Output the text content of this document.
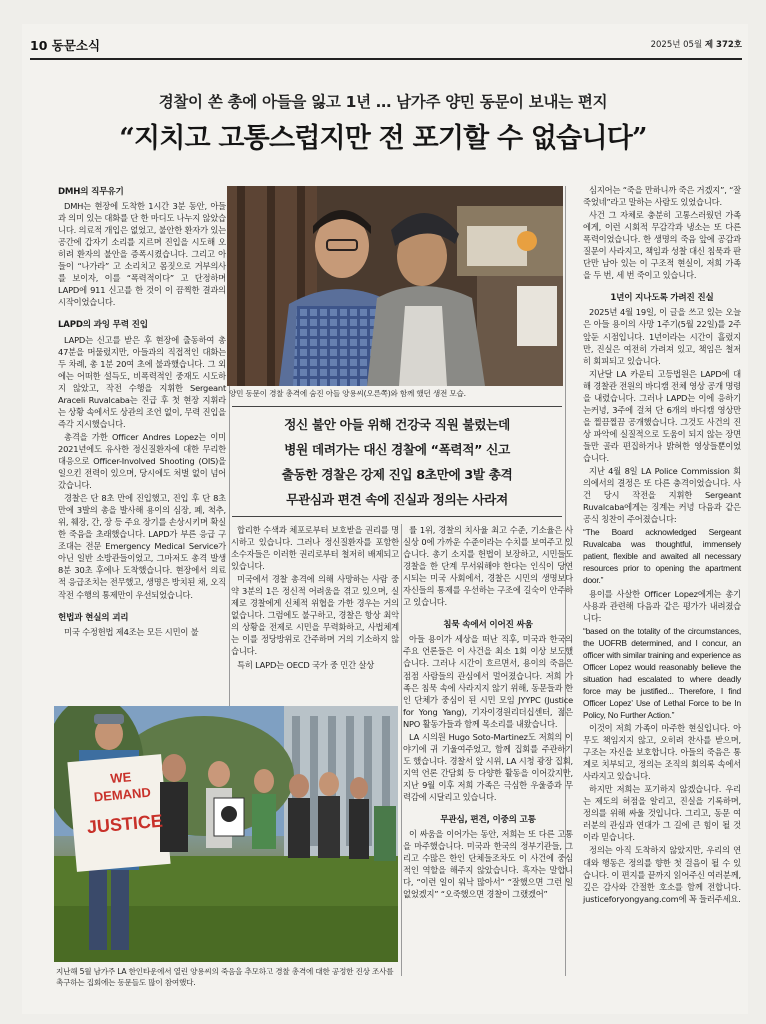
10 동문소식	2025년 05월 제 372호
경찰이 쏜 총에 아들을 잃고 1년 … 남가주 양민 동문이 보내는 편지
“지치고 고통스럽지만 전 포기할 수 없습니다”
DMH의 직무유기

DMH는 현장에 도착한 1시간 3분 동안, 아들과 의미 있는 대화를 단 한 마디도 나누지 않았습니다. 의료적 개입은 없었고, 불안한 환자가 있는 공간에 갑자기 소리를 지르며 진입을 시도해 오히려 환자의 불안을 증폭시켰습니다. 그리고 아들이 “나가라” 고 소리치고 몸짓으로 거부의사를 보이자, 이를 “폭력적이다” 고 단정하며 LAPD에 911 신고를 한 것이 이 끔찍한 결과의 시작이었습니다.

LAPD의 과잉 무력 진입

LAPD는 신고를 받은 후 현장에 출동하여 총 47분을 머물렀지만, 아들과의 직접적인 대화는 두 차례, 총 1분 20여 초에 불과했습니다. 그 외에는 어떠한 설득도, 비폭력적인 중재도 시도하지 않았고, 작전 수행을 지휘한 Sergeant Araceli Ruvalcaba는 진급 후 첫 현장 지휘라는 상황 속에서도 상관의 조언 없이, 무력 진입을 즉각 지시했습니다.

총격을 가한 Officer Andres Lopez는 이미 2021년에도 유사한 정신질환자에 대한 무리한 대응으로 Officer-Involved Shooting (OIS)을 일으킨 전력이 있으며, 당시에도 처벌 없이 넘어갔습니다.

경찰은 단 8초 만에 진입했고, 진입 후 단 8초 만에 3발의 총을 발사해 용이의 심장, 폐, 척추, 위, 췌장, 간, 장 등 주요 장기를 손상시키며 확실한 죽음을 초래했습니다. LAPD가 부른 응급 구조대는 전문 Emergency Medical Service가 아닌 일반 소방관들이었고, 그마저도 총격 발생 8분 30초 후에나 도착했습니다. 현장에서 의료적 응급조치는 전무했고, 생명은 방치된 채, 오직 작전 수행의 통제만이 우선되었습니다.

헌법과 현실의 괴리

미국 수정헌법 제4조는 모든 시민이 불

양민 동문이 경찰 총격에 숨진 아들 양용씨(오른쪽)와 함께 했던 생전 모습.
정신 불안 아들 위해 건강국 직원 불렀는데
병원 데려가는 대신 경찰에 “폭력적” 신고
출동한 경찰은 강제 진입 8초만에 3발 총격
무관심과 편견 속에 진실과 정의는 사라져

합리한 수색과 체포로부터 보호받을 권리를 명시하고 있습니다. 그러나 정신질환자를 포함한 소수자들은 이러한 권리로부터 철저히 배제되고 있습니다.

미국에서 경찰 총격에 의해 사망하는 사람 중 약 3분의 1은 정신적 어려움을 겪고 있으며, 실제로 경찰에게 신체적 위협을 가한 경우는 거의 없습니다. 그럼에도 불구하고, 경찰은 항상 최악의 상황을 전제로 시민을 무력화하고, 사법체계는 이를 정당방위로 간주하며 거의 기소하지 않습니다.

특히 LAPD는 OECD 국가 중 민간 살상

률 1위, 경찰의 치사율 최고 수준, 기소율은 사실상 0에 가까운 수준이라는 수치를 보여주고 있습니다. 총기 소지를 헌법이 보장하고, 시민들도 경찰을 한 단계 무서워해야 한다는 인식이 당연시되는 미국 사회에서, 경찰은 시민의 생명보다 자신들의 통제를 우선하는 구조에 길숙이 안주하고 있습니다.

침묵 속에서 이어진 싸움

아들 용이가 세상을 떠난 직후, 미국과 한국의 주요 언론들은 이 사건을 최소 1회 이상 보도했습니다. 그러나 시간이 흐르면서, 용이의 죽음은 점점 사람들의 관심에서 멀어졌습니다. 저희 가족은 침묵 속에 사라지지 않기 위해, 동문들과 한인 단체가 중심이 된 시민 모임 JYYPC (Justice for Yong Yang), 기자이경원리더십센터, 젊은 NPO 활동가들과 함께 목소리를 내왔습니다.

LA 시의원 Hugo Soto-Martinez도 저희의 이야기에 귀 기울여주었고, 함께 집회를 주관하기도 했습니다. 경찰서 앞 시위, LA 시청 광장 집회, 지역 언론 간담회 등 다양한 활동을 이어갔지만, 지난 9월 이후 저희 가족은 극심한 우울증과 무력감에 시달리고 있습니다.

무관심, 편견, 이중의 고통

이 싸움을 이어가는 동안, 저희는 또 다른 고통을 마주했습니다. 미국과 한국의 정부기관들, 그리고 수많은 한인 단체들조차도 이 사건에 중심적인 역할을 해주지 않았습니다. 흑자는 말합니다, “이런 일이 워낙 많아서” “잘했으면 그런 일 없었겠지” “오죽했으면 경찰이 그랬겠어”

심지어는 “죽을 만하니까 죽은 거겠지”, “잘 죽었네”라고 말하는 사람도 있었습니다.

사건 그 자체로 충분히 고통스러웠던 가족에게, 이런 시회적 무감각과 냉소는 또 다른 폭력이었습니다. 한 생명의 죽음 앞에 공감과 질문이 사라지고, 책임과 성찰 대신 침묵과 판단만 남아 있는 이 구조적 현실이, 저희 가족을 두 번, 세 번 죽이고 있습니다.

1년이 지나도록 가려진 진실

2025년 4월 19일, 이 글을 쓰고 있는 오늘은 아들 용이의 사망 1주기(5월 22일)를 2주 앞둔 시점입니다. 1년이라는 시간이 흘렀지만, 진실은 여전히 가려져 있고, 책임은 철저히 회피되고 있습니다.

지난달 LA 카운티 고등법원은 LAPD에 대해 경찰관 전원의 바디캠 전체 영상 공개 명령을 내렸습니다. 그러나 LAPD는 이에 응하기는커녕, 3주에 걸쳐 단 6개의 바디캠 영상만을 찔끔찔끔 공개했습니다. 그것도 사건의 진상 파악에 실질적으로 도움이 되지 않는 장면들만 골라 편집하거나 밝혀한 영상들뿐이었습니다.

지난 4월 8일 LA Police Commission 회의에서의 결정은 또 다른 충격이었습니다. 사건 당시 작전을 지휘한 Sergeant Ruvalcaba에게는 징계는 커녕 다음과 같은 공식 칭찬이 주어졌습니다:

“The Board acknowledged Sergeant Ruvalcaba was thoughtful, immensely patient, flexible and awaited all necessary resources prior to opening the apartment door.”

용이를 사살한 Officer Lopez에게는 총기 사용과 관련해 다음과 같은 평가가 내려졌습니다:

“based on the totality of the circumstances, the UOFRB determined, and I concur, an officer with similar training and experience as Officer Lopez would reasonably believe the situation had escalated to where deadly force may be justified... Therefore, I find Officer Lopez’ Use of Lethal Force to be In Policy, No Further Action.”

이것이 저희 가족이 마주한 현실입니다. 아무도 책임지지 않고, 오히려 찬사를 받으며, 구조는 자신을 보호합니다. 아들의 죽음은 통계로 치부되고, 정의는 조직의 회의록 속에서 사라지고 있습니다.

하지만 저희는 포기하지 않겠습니다. 우리는 제도의 허점을 알리고, 진실을 기록하며, 정의를 위해 싸울 것입니다. 그리고, 동문 여러분의 관심과 연대가 그 길에 큰 힘이 될 것이라 믿습니다.

정의는 아직 도착하지 않았지만, 우리의 연대와 행동은 정의를 향한 첫 걸음이 될 수 있습니다. 이 편지를 끝까지 읽어주신 여러분께, 깊은 감사와 간절한 호소를 함께 전합니다. justiceforyongyang.com에 꼭 들러주세요.

WE
DEMAND
JUSTICE
지난해 5월 남가주 LA 한인타운에서 열린 양용씨의 죽음을 추모하고 경찰 총격에 대한 공정한 진상 조사를 촉구하는 집회에는 동문들도 많이 참여했다.
